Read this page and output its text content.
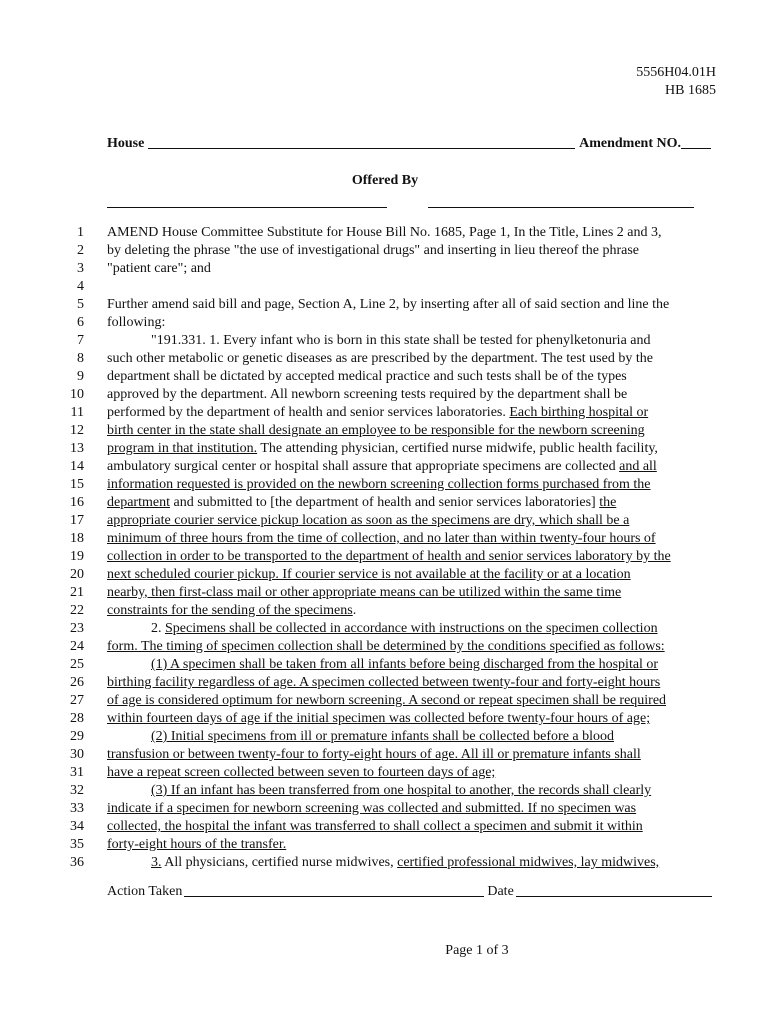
5556H04.01H
HB 1685
House	Amendment NO.
Offered By
1 AMEND House Committee Substitute for House Bill No. 1685, Page 1, In the Title, Lines 2 and 3,
2 by deleting the phrase "the use of investigational drugs" and inserting in lieu thereof the phrase
3 "patient care"; and
4
5 Further amend said bill and page, Section A, Line 2, by inserting after all of said section and line the
6 following:
7	"191.331. 1. Every infant who is born in this state shall be tested for phenylketonuria and
8 such other metabolic or genetic diseases as are prescribed by the department. The test used by the
9 department shall be dictated by accepted medical practice and such tests shall be of the types
10 approved by the department. All newborn screening tests required by the department shall be
11 performed by the department of health and senior services laboratories. Each birthing hospital or
12 birth center in the state shall designate an employee to be responsible for the newborn screening
13 program in that institution. The attending physician, certified nurse midwife, public health facility,
14 ambulatory surgical center or hospital shall assure that appropriate specimens are collected and all
15 information requested is provided on the newborn screening collection forms purchased from the
16 department and submitted to [the department of health and senior services laboratories] the
17 appropriate courier service pickup location as soon as the specimens are dry, which shall be a
18 minimum of three hours from the time of collection, and no later than within twenty-four hours of
19 collection in order to be transported to the department of health and senior services laboratory by the
20 next scheduled courier pickup. If courier service is not available at the facility or at a location
21 nearby, then first-class mail or other appropriate means can be utilized within the same time
22 constraints for the sending of the specimens.
23	2. Specimens shall be collected in accordance with instructions on the specimen collection
24 form. The timing of specimen collection shall be determined by the conditions specified as follows:
25	(1) A specimen shall be taken from all infants before being discharged from the hospital or
26 birthing facility regardless of age. A specimen collected between twenty-four and forty-eight hours
27 of age is considered optimum for newborn screening. A second or repeat specimen shall be required
28 within fourteen days of age if the initial specimen was collected before twenty-four hours of age;
29	(2) Initial specimens from ill or premature infants shall be collected before a blood
30 transfusion or between twenty-four to forty-eight hours of age. All ill or premature infants shall
31 have a repeat screen collected between seven to fourteen days of age;
32	(3) If an infant has been transferred from one hospital to another, the records shall clearly
33 indicate if a specimen for newborn screening was collected and submitted. If no specimen was
34 collected, the hospital the infant was transferred to shall collect a specimen and submit it within
35 forty-eight hours of the transfer.
36	3. All physicians, certified nurse midwives, certified professional midwives, lay midwives,
Action Taken	Date
Page 1 of 3
